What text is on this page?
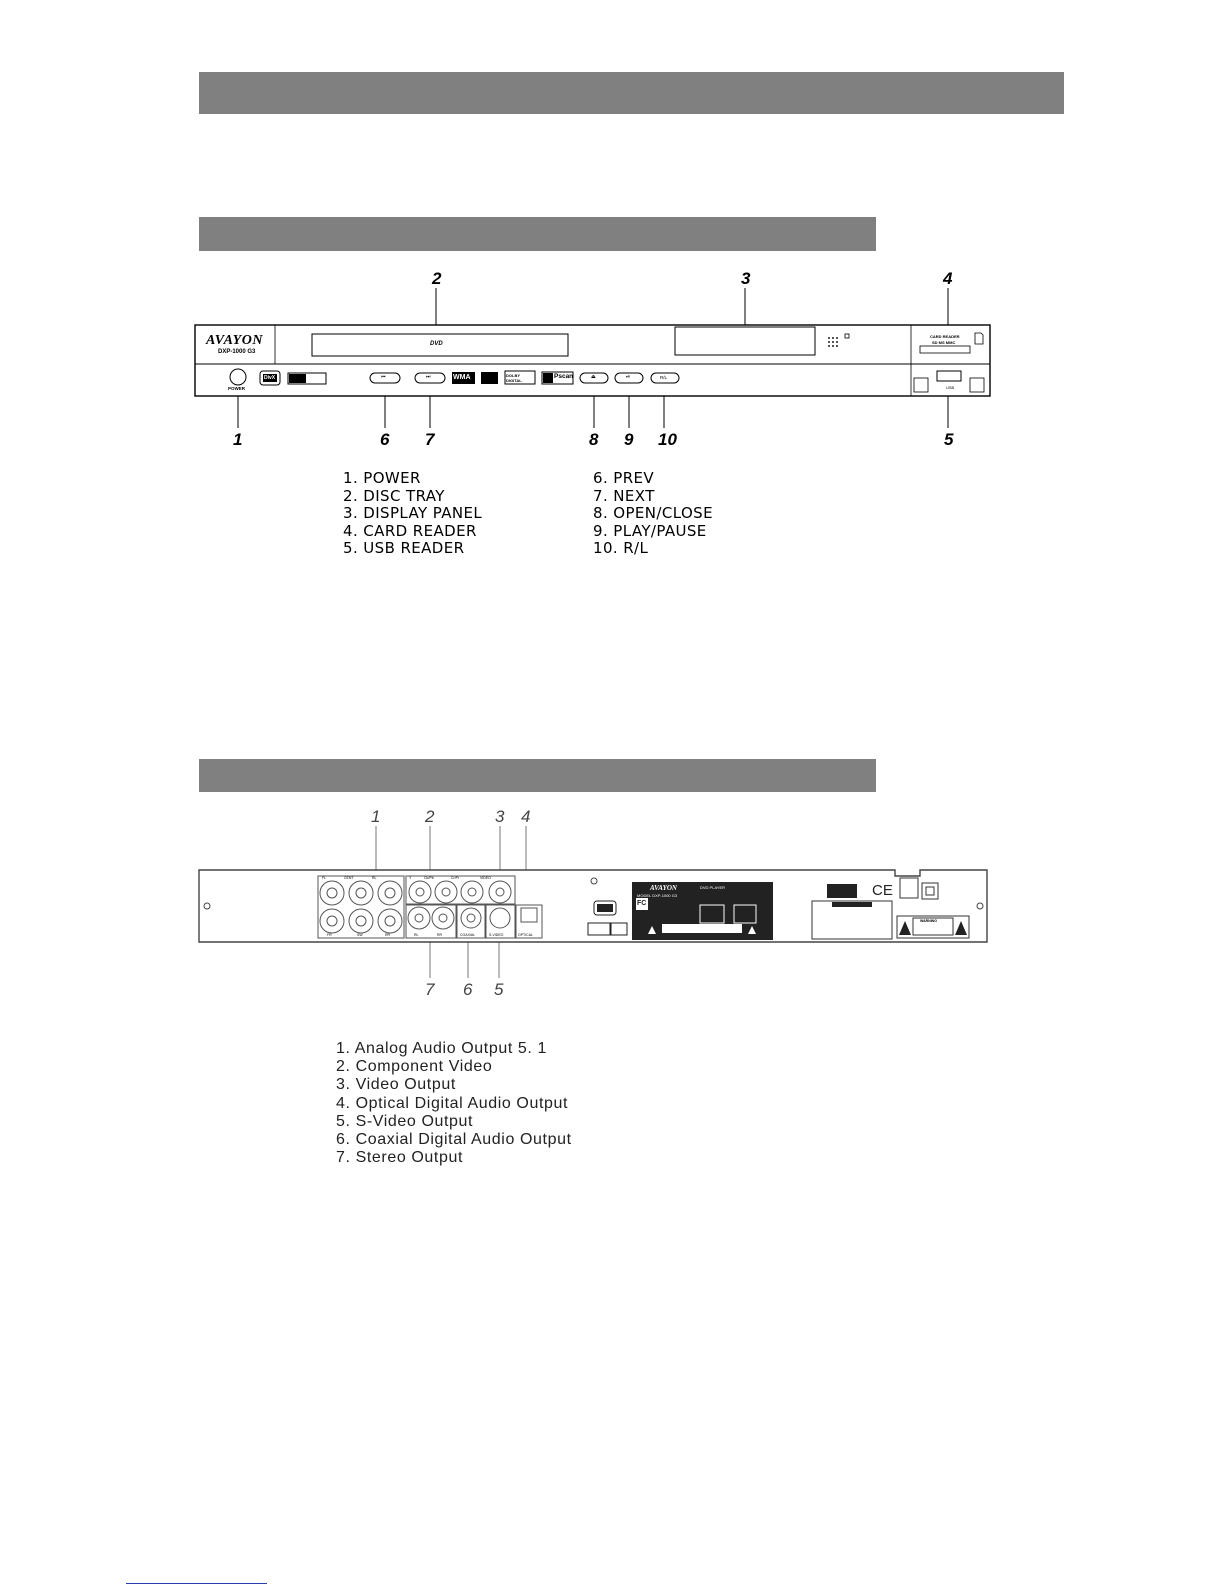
1
2	3	4
5
6 7	8 9 10
AVAYON
DXP-1000 G3
DVD
POWER
CARD READER
SD MS MMC
USB
DivX	WMA	DOLBY DIGITAL	Pscan
⏮	⏭	⏏	⏯	R/L
1. POWER
2. DISC TRAY
3. DISPLAY PANEL
4. CARD READER
5. USB READER
6. PREV
7. NEXT
8. OPEN/CLOSE
9. PLAY/PAUSE
10. R/L
1	2	3 4
7 6 5
FL	CENT	RL	Y	Cb/Pb	Cr/Pr	VIDEO
FR	SW	RR	RL	RR	COAXIAL	S-VIDEO	OPTICAL
AVAYON	DVD PLAYER
MODEL DXP-1000 G3
FC
CE
WARNING
1. Analog Audio Output 5. 1
2. Component Video
3. Video Output
4. Optical Digital Audio Output
5. S-Video Output
6. Coaxial Digital Audio Output
7. Stereo Output
